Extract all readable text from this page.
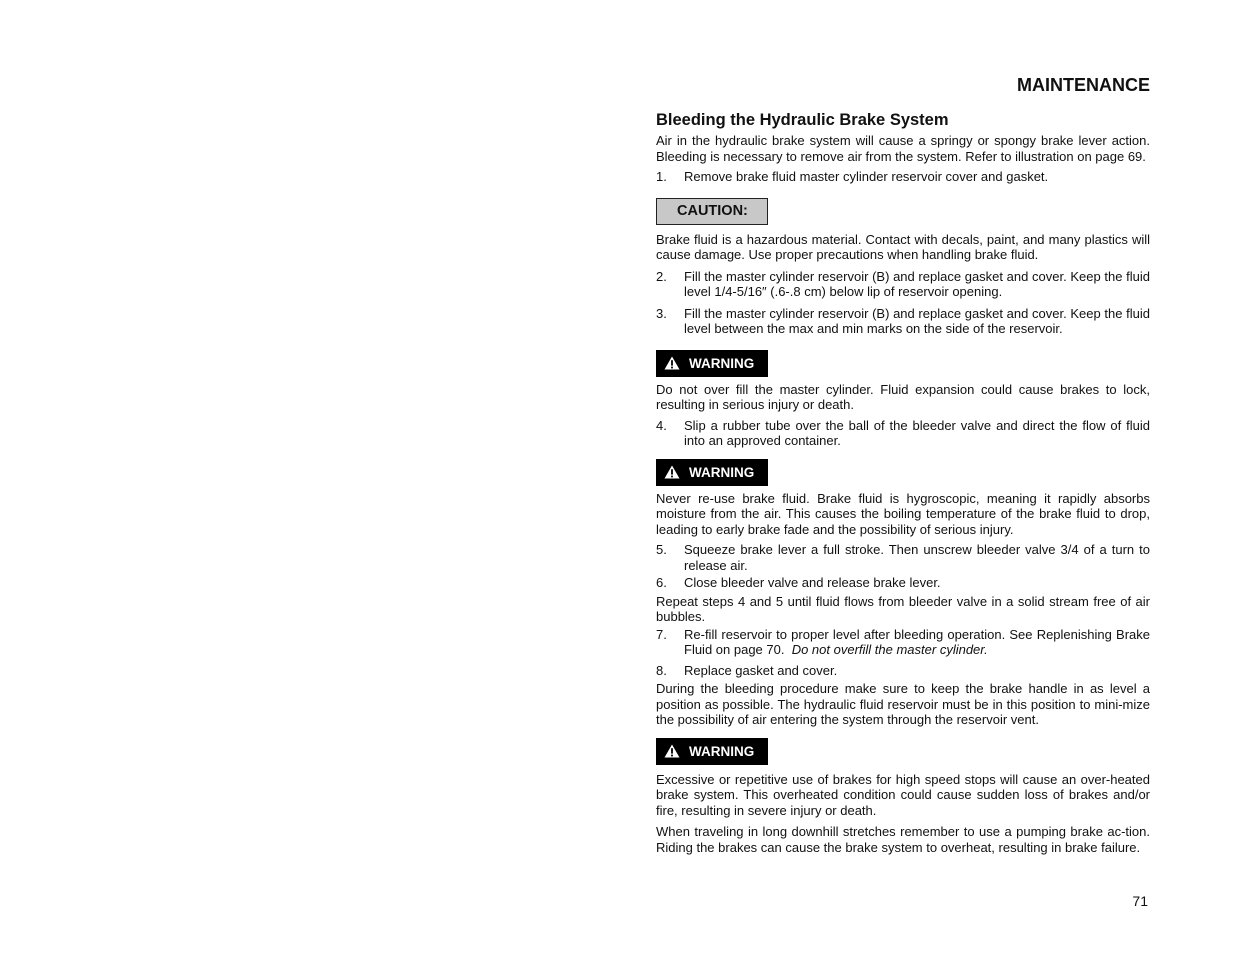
MAINTENANCE
Bleeding the Hydraulic Brake System

Air in the hydraulic brake system will cause a springy or spongy brake lever action. Bleeding is necessary to remove air from the system. Refer to illustration on page 69.

1.	Remove brake fluid master cylinder reservoir cover and gasket.
CAUTION:

Brake fluid is a hazardous material. Contact with decals, paint, and many plastics will cause damage. Use proper precautions when handling brake fluid.

2.	Fill the master cylinder reservoir (B) and replace gasket and cover. Keep the fluid level 1/4-5/16″ (.6-.8 cm) below lip of reservoir opening.
3.	Fill the master cylinder reservoir (B) and replace gasket and cover. Keep the fluid level between the max and min marks on the side of the reservoir.
WARNING

Do not over fill the master cylinder. Fluid expansion could cause brakes to lock, resulting in serious injury or death.

4.	Slip a rubber tube over the ball of the bleeder valve and direct the flow of fluid into an approved container.
WARNING

Never re-use brake fluid. Brake fluid is hygroscopic, meaning it rapidly absorbs moisture from the air. This causes the boiling temperature of the brake fluid to drop, leading to early brake fade and the possibility of serious injury.

5.	Squeeze brake lever a full stroke. Then unscrew bleeder valve 3/4 of a turn to release air.
6.	Close bleeder valve and release brake lever.

Repeat steps 4 and 5 until fluid flows from bleeder valve in a solid stream free of air bubbles.

7.	Re-fill reservoir to proper level after bleeding operation. See Replenishing Brake Fluid on page 70. Do not overfill the master cylinder.
8.	Replace gasket and cover.

During the bleeding procedure make sure to keep the brake handle in as level a position as possible. The hydraulic fluid reservoir must be in this position to mini-mize the possibility of air entering the system through the reservoir vent.

WARNING

Excessive or repetitive use of brakes for high speed stops will cause an over-heated brake system. This overheated condition could cause sudden loss of brakes and/or fire, resulting in severe injury or death.

When traveling in long downhill stretches remember to use a pumping brake ac-tion. Riding the brakes can cause the brake system to overheat, resulting in brake failure.

71
